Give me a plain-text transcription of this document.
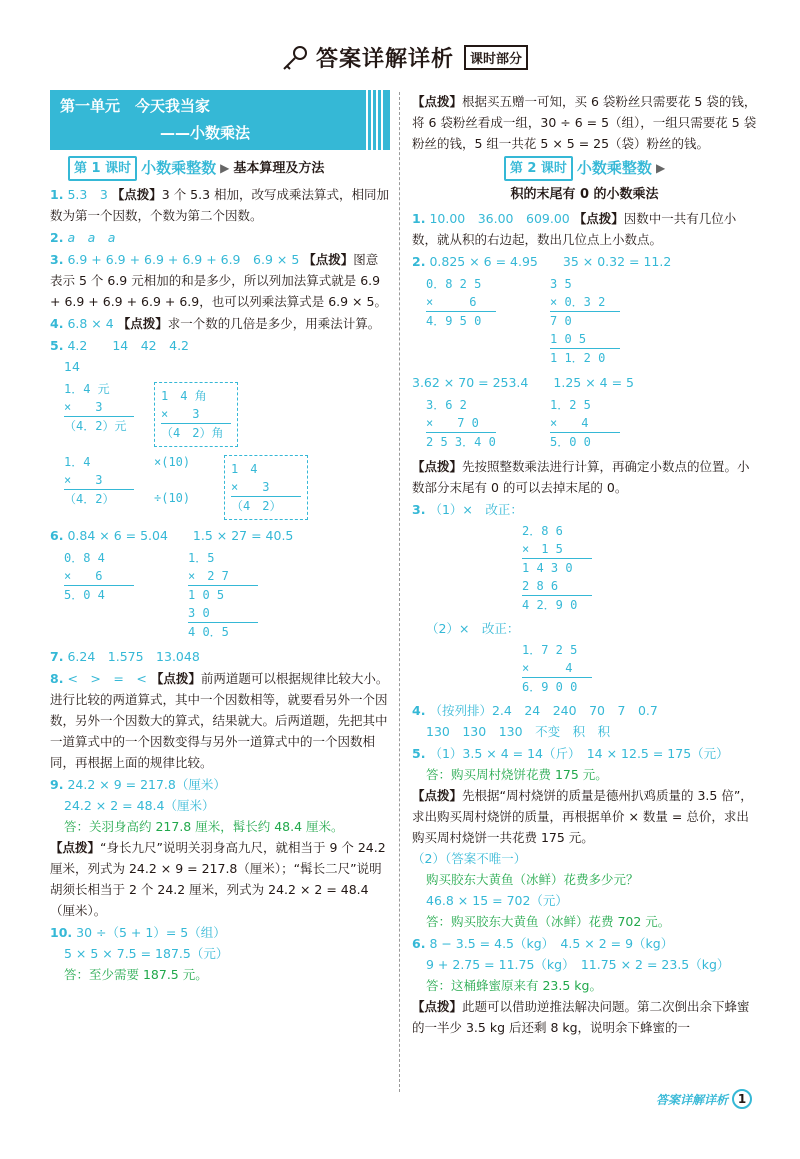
答案详解详析	课时部分
第一单元　今天我当家
——小数乘法
第 1 课时 小数乘整数 ▶ 基本算理及方法
1. 5.3　3 【点拨】3 个 5.3 相加，改写成乘法算式，相同加数为第一个因数，个数为第二个因数。
2. a　a　a
3. 6.9 + 6.9 + 6.9 + 6.9 + 6.9　6.9 × 5 【点拨】图意表示 5 个 6.9 元相加的和是多少，所以列加法算式就是 6.9 + 6.9 + 6.9 + 6.9 + 6.9，也可以列乘法算式是 6.9 × 5。
4. 6.8 × 4 【点拨】求一个数的几倍是多少，用乘法计算。
5. 4.2　　14　42　4.2
14
1．4 元
×　　3
（4．2）元
1　4 角
×　　3
（4　2）角
1．4
×　　3
（4．2）
×(10)

÷(10)
1　4
×　　3
（4　2）
6. 0.84 × 6 = 5.04　　 1.5 × 27 = 40.5
0．8 4
×　　6
5．0 4
1．5
×　2 7
1 0 5
3 0
4 0．5
7. 6.24　1.575　13.048
8. <　>　=　< 【点拨】前两道题可以根据规律比较大小。进行比较的两道算式，其中一个因数相等，就要看另外一个因数，另外一个因数大的算式，结果就大。后两道题，先把其中一道算式中的一个因数变得与另外一道算式中的一个因数相同，再根据上面的规律比较。
9. 24.2 × 9 = 217.8（厘米）
24.2 × 2 = 48.4（厘米）
答：关羽身高约 217.8 厘米，髯长约 48.4 厘米。
【点拨】“身长九尺”说明关羽身高九尺，就相当于 9 个 24.2 厘米，列式为 24.2 × 9 = 217.8（厘米）；“髯长二尺”说明胡须长相当于 2 个 24.2 厘米，列式为 24.2 × 2 = 48.4（厘米）。
10. 30 ÷（5 + 1）= 5（组）
5 × 5 × 7.5 = 187.5（元）
答：至少需要 187.5 元。
【点拨】根据买五赠一可知，买 6 袋粉丝只需要花 5 袋的钱，将 6 袋粉丝看成一组，30 ÷ 6 = 5（组），一组只需要花 5 袋粉丝的钱，5 组一共花 5 × 5 = 25（袋）粉丝的钱。
第 2 课时 小数乘整数 ▶
积的末尾有 0 的小数乘法
1. 10.00　36.00　609.00 【点拨】因数中一共有几位小数，就从积的右边起，数出几位点上小数点。
2. 0.825 × 6 = 4.95　　 35 × 0.32 = 11.2
0．8 2 5
×　　　6
4．9 5 0
3 5
× 0．3 2
7 0
1 0 5
1 1．2 0
3.62 × 70 = 253.4　　 1.25 × 4 = 5
3．6 2
×　　7 0
2 5 3．4 0
1．2 5
×　　4
5．0 0
【点拨】先按照整数乘法进行计算，再确定小数点的位置。小数部分末尾有 0 的可以去掉末尾的 0。
3. （1）×　改正：
2．8 6
×　1 5
1 4 3 0
2 8 6
4 2．9 0
（2）×　改正：
1．7 2 5
×　　　4
6．9 0 0
4. （按列排）2.4　24　240　70　7　0.7
130　130　130　不变　积　积
5. （1）3.5 × 4 = 14（斤）　14 × 12.5 = 175（元）
答：购买周村烧饼花费 175 元。
【点拨】先根据“周村烧饼的质量是德州扒鸡质量的 3.5 倍”，求出购买周村烧饼的质量，再根据单价 × 数量 = 总价，求出购买周村烧饼一共花费 175 元。
（2）（答案不唯一）
购买胶东大黄鱼（冰鲜）花费多少元？
46.8 × 15 = 702（元）
答：购买胶东大黄鱼（冰鲜）花费 702 元。
6. 8 − 3.5 = 4.5（kg）　4.5 × 2 = 9（kg）
9 + 2.75 = 11.75（kg）　11.75 × 2 = 23.5（kg）
答：这桶蜂蜜原来有 23.5 kg。
【点拨】此题可以借助逆推法解决问题。第二次倒出余下蜂蜜的一半少 3.5 kg 后还剩 8 kg，说明余下蜂蜜的一
答案详解详析 1
